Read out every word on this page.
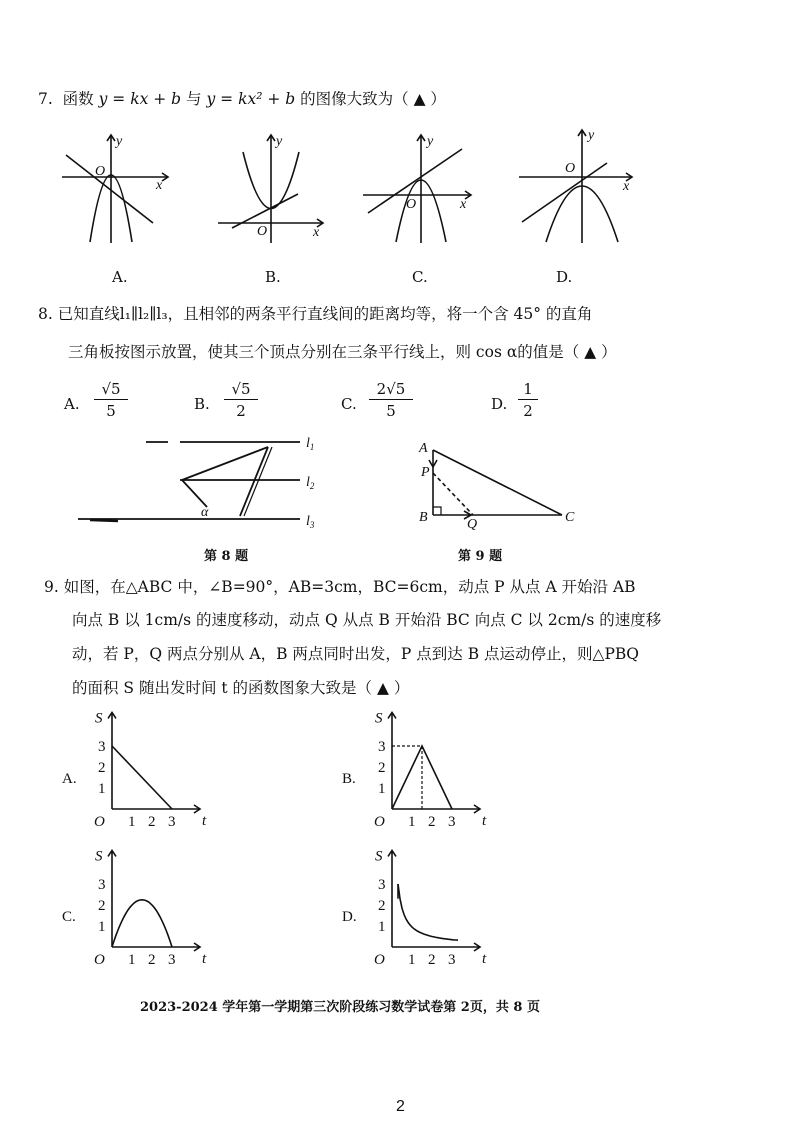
7. 函数 y = kx + b 与 y = kx² + b 的图像大致为（ ▲ ）
y
x
O
y
x
O
y
x
O
y
x
O
A.	B.	C.	D.
8. 已知直线l₁∥l₂∥l₃，且相邻的两条平行直线间的距离均等，将一个含 45° 的直角
三角板按图示放置，使其三个顶点分别在三条平行线上，则 cos α的值是（ ▲ ）
A. $\frac{√5}{5}$	B. $\frac{√5}{2}$	C. $\frac{2√5}{5}$	D. $\frac{1}{2}$
$l_1$
$l_2$
$l_3$
α
第 8 题
A
P
B	Q	C
第 9 题
9. 如图，在△ABC 中，∠B=90°，AB=3cm，BC=6cm，动点 P 从点 A 开始沿 AB
向点 B 以 1cm/s 的速度移动，动点 Q 从点 B 开始沿 BC 向点 C 以 2cm/s 的速度移
动，若 P，Q 两点分别从 A，B 两点同时出发，P 点到达 B 点运动停止，则△PBQ
的面积 S 随出发时间 t 的函数图象大致是（ ▲ ）
A.	B.
C.	D.
S
t
O 1 2 3
1
2
3
S
t
O 1 2 3
1
2
3
S
t
O 1 2 3
1
2
3
S
t
O 1 2 3
1
2
3
2023-2024 学年第一学期第三次阶段练习数学试卷第 2页，共 8 页
2
